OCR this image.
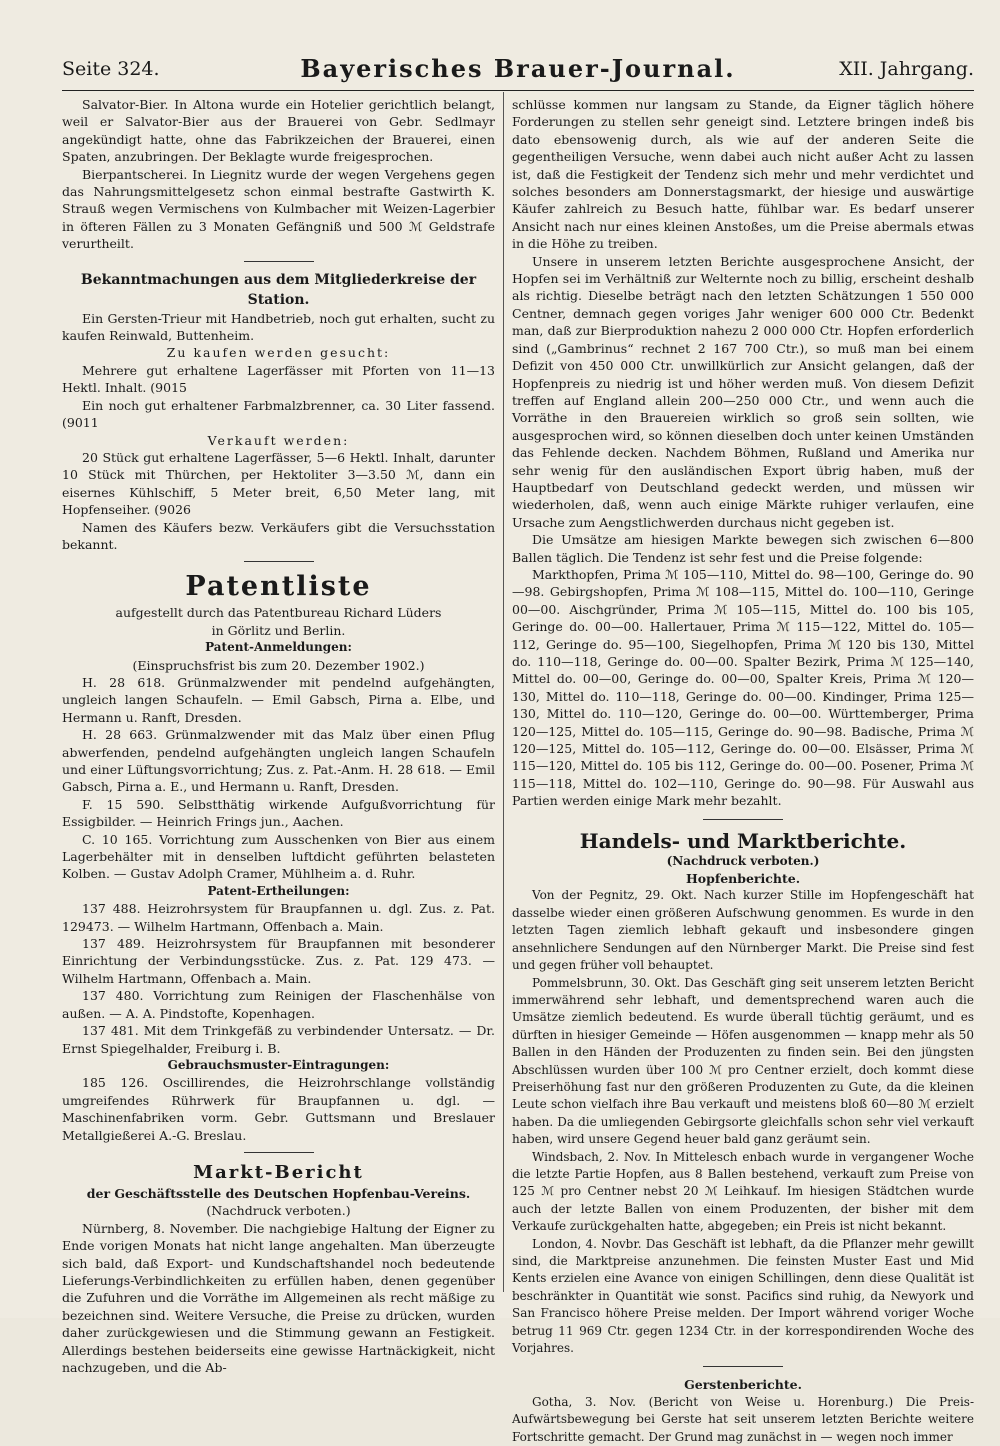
Seite 324.	Bayerisches Brauer-Journal.	XII. Jahrgang.

Salvator-Bier. In Altona wurde ein Hotelier gerichtlich belangt, weil er Salvator-Bier aus der Brauerei von Gebr. Sedlmayr angekündigt hatte, ohne das Fabrikzeichen der Brauerei, einen Spaten, anzubringen. Der Beklagte wurde freigesprochen.

Bierpantscherei. In Liegnitz wurde der wegen Vergehens gegen das Nahrungsmittelgesetz schon einmal bestrafte Gastwirth K. Strauß wegen Vermischens von Kulmbacher mit Weizen-Lagerbier in öfteren Fällen zu 3 Monaten Gefängniß und 500 ℳ Geldstrafe verurtheilt.

Bekanntmachungen aus dem Mitgliederkreise der Station.

Ein Gersten-Trieur mit Handbetrieb, noch gut erhalten, sucht zu kaufen Reinwald, Buttenheim.

Zu kaufen werden gesucht:

Mehrere gut erhaltene Lagerfässer mit Pforten von 11—13 Hektl. Inhalt. (9015

Ein noch gut erhaltener Farbmalzbrenner, ca. 30 Liter fassend. (9011

Verkauft werden:

20 Stück gut erhaltene Lagerfässer, 5—6 Hektl. Inhalt, darunter 10 Stück mit Thürchen, per Hektoliter 3—3.50 ℳ, dann ein eisernes Kühlschiff, 5 Meter breit, 6,50 Meter lang, mit Hopfenseiher. (9026

Namen des Käufers bezw. Verkäufers gibt die Versuchsstation bekannt.

Patentliste

aufgestellt durch das Patentbureau Richard Lüders

in Görlitz und Berlin.

Patent-Anmeldungen:

(Einspruchsfrist bis zum 20. Dezember 1902.)

H. 28 618. Grünmalzwender mit pendelnd aufgehängten, ungleich langen Schaufeln. — Emil Gabsch, Pirna a. Elbe, und Hermann u. Ranft, Dresden.

H. 28 663. Grünmalzwender mit das Malz über einen Pflug abwerfenden, pendelnd aufgehängten ungleich langen Schaufeln und einer Lüftungsvorrichtung; Zus. z. Pat.-Anm. H. 28 618. — Emil Gabsch, Pirna a. E., und Hermann u. Ranft, Dresden.

F. 15 590. Selbstthätig wirkende Aufgußvorrichtung für Essigbilder. — Heinrich Frings jun., Aachen.

C. 10 165. Vorrichtung zum Ausschenken von Bier aus einem Lagerbehälter mit in denselben luftdicht geführten belasteten Kolben. — Gustav Adolph Cramer, Mühlheim a. d. Ruhr.

Patent-Ertheilungen:

137 488. Heizrohrsystem für Braupfannen u. dgl. Zus. z. Pat. 129473. — Wilhelm Hartmann, Offenbach a. Main.

137 489. Heizrohrsystem für Braupfannen mit besonderer Einrichtung der Verbindungsstücke. Zus. z. Pat. 129 473. — Wilhelm Hartmann, Offenbach a. Main.

137 480. Vorrichtung zum Reinigen der Flaschenhälse von außen. — A. A. Pindstofte, Kopenhagen.

137 481. Mit dem Trinkgefäß zu verbindender Untersatz. — Dr. Ernst Spiegelhalder, Freiburg i. B.

Gebrauchsmuster-Eintragungen:

185 126. Oscillirendes, die Heizrohrschlange vollständig umgreifendes Rührwerk für Braupfannen u. dgl. — Maschinenfabriken vorm. Gebr. Guttsmann und Breslauer Metallgießerei A.-G. Breslau.

Markt-Bericht

der Geschäftsstelle des Deutschen Hopfenbau-Vereins.

(Nachdruck verboten.)

Nürnberg, 8. November. Die nachgiebige Haltung der Eigner zu Ende vorigen Monats hat nicht lange angehalten. Man überzeugte sich bald, daß Export- und Kundschaftshandel noch bedeutende Lieferungs-Verbindlichkeiten zu erfüllen haben, denen gegenüber die Zufuhren und die Vorräthe im Allgemeinen als recht mäßige zu bezeichnen sind. Weitere Versuche, die Preise zu drücken, wurden daher zurückgewiesen und die Stimmung gewann an Festigkeit. Allerdings bestehen beiderseits eine gewisse Hartnäckigkeit, nicht nachzugeben, und die Ab-

schlüsse kommen nur langsam zu Stande, da Eigner täglich höhere Forderungen zu stellen sehr geneigt sind. Letztere bringen indeß bis dato ebensowenig durch, als wie auf der anderen Seite die gegentheiligen Versuche, wenn dabei auch nicht außer Acht zu lassen ist, daß die Festigkeit der Tendenz sich mehr und mehr verdichtet und solches besonders am Donnerstagsmarkt, der hiesige und auswärtige Käufer zahlreich zu Besuch hatte, fühlbar war. Es bedarf unserer Ansicht nach nur eines kleinen Anstoßes, um die Preise abermals etwas in die Höhe zu treiben.

Unsere in unserem letzten Berichte ausgesprochene Ansicht, der Hopfen sei im Verhältniß zur Welternte noch zu billig, erscheint deshalb als richtig. Dieselbe beträgt nach den letzten Schätzungen 1 550 000 Centner, demnach gegen voriges Jahr weniger 600 000 Ctr. Bedenkt man, daß zur Bierproduktion nahezu 2 000 000 Ctr. Hopfen erforderlich sind („Gambrinus“ rechnet 2 167 700 Ctr.), so muß man bei einem Defizit von 450 000 Ctr. unwillkürlich zur Ansicht gelangen, daß der Hopfenpreis zu niedrig ist und höher werden muß. Von diesem Defizit treffen auf England allein 200—250 000 Ctr., und wenn auch die Vorräthe in den Brauereien wirklich so groß sein sollten, wie ausgesprochen wird, so können dieselben doch unter keinen Umständen das Fehlende decken. Nachdem Böhmen, Rußland und Amerika nur sehr wenig für den ausländischen Export übrig haben, muß der Hauptbedarf von Deutschland gedeckt werden, und müssen wir wiederholen, daß, wenn auch einige Märkte ruhiger verlaufen, eine Ursache zum Aengstlichwerden durchaus nicht gegeben ist.

Die Umsätze am hiesigen Markte bewegen sich zwischen 6—800 Ballen täglich. Die Tendenz ist sehr fest und die Preise folgende:

Markthopfen, Prima ℳ 105—110, Mittel do. 98—100, Geringe do. 90—98. Gebirgshopfen, Prima ℳ 108—115, Mittel do. 100—110, Geringe 00—00. Aischgründer, Prima ℳ 105—115, Mittel do. 100 bis 105, Geringe do. 00—00. Hallertauer, Prima ℳ 115—122, Mittel do. 105—112, Geringe do. 95—100, Siegelhopfen, Prima ℳ 120 bis 130, Mittel do. 110—118, Geringe do. 00—00. Spalter Bezirk, Prima ℳ 125—140, Mittel do. 00—00, Geringe do. 00—00, Spalter Kreis, Prima ℳ 120—130, Mittel do. 110—118, Geringe do. 00—00. Kindinger, Prima 125—130, Mittel do. 110—120, Geringe do. 00—00. Württemberger, Prima 120—125, Mittel do. 105—115, Geringe do. 90—98. Badische, Prima ℳ 120—125, Mittel do. 105—112, Geringe do. 00—00. Elsässer, Prima ℳ 115—120, Mittel do. 105 bis 112, Geringe do. 00—00. Posener, Prima ℳ 115—118, Mittel do. 102—110, Geringe do. 90—98. Für Auswahl aus Partien werden einige Mark mehr bezahlt.

Handels- und Marktberichte.

(Nachdruck verboten.)

Hopfenberichte.

Von der Pegnitz, 29. Okt. Nach kurzer Stille im Hopfengeschäft hat dasselbe wieder einen größeren Aufschwung genommen. Es wurde in den letzten Tagen ziemlich lebhaft gekauft und insbesondere gingen ansehnlichere Sendungen auf den Nürnberger Markt. Die Preise sind fest und gegen früher voll behauptet.

Pommelsbrunn, 30. Okt. Das Geschäft ging seit unserem letzten Bericht immerwährend sehr lebhaft, und dementsprechend waren auch die Umsätze ziemlich bedeutend. Es wurde überall tüchtig geräumt, und es dürften in hiesiger Gemeinde — Höfen ausgenommen — knapp mehr als 50 Ballen in den Händen der Produzenten zu finden sein. Bei den jüngsten Abschlüssen wurden über 100 ℳ pro Centner erzielt, doch kommt diese Preiserhöhung fast nur den größeren Produzenten zu Gute, da die kleinen Leute schon vielfach ihre Bau verkauft und meistens bloß 60—80 ℳ erzielt haben. Da die umliegenden Gebirgsorte gleichfalls schon sehr viel verkauft haben, wird unsere Gegend heuer bald ganz geräumt sein.

Windsbach, 2. Nov. In Mittelesch enbach wurde in vergangener Woche die letzte Partie Hopfen, aus 8 Ballen bestehend, verkauft zum Preise von 125 ℳ pro Centner nebst 20 ℳ Leihkauf. Im hiesigen Städtchen wurde auch der letzte Ballen von einem Produzenten, der bisher mit dem Verkaufe zurückgehalten hatte, abgegeben; ein Preis ist nicht bekannt.

London, 4. Novbr. Das Geschäft ist lebhaft, da die Pflanzer mehr gewillt sind, die Marktpreise anzunehmen. Die feinsten Muster East und Mid Kents erzielen eine Avance von einigen Schillingen, denn diese Qualität ist beschränkter in Quantität wie sonst. Pacifics sind ruhig, da Newyork und San Francisco höhere Preise melden. Der Import während voriger Woche betrug 11 969 Ctr. gegen 1234 Ctr. in der korrespondirenden Woche des Vorjahres.

Gerstenberichte.

Gotha, 3. Nov. (Bericht von Weise u. Horenburg.) Die Preis-Aufwärtsbewegung bei Gerste hat seit unserem letzten Berichte weitere Fortschritte gemacht. Der Grund mag zunächst in — wegen noch immer
